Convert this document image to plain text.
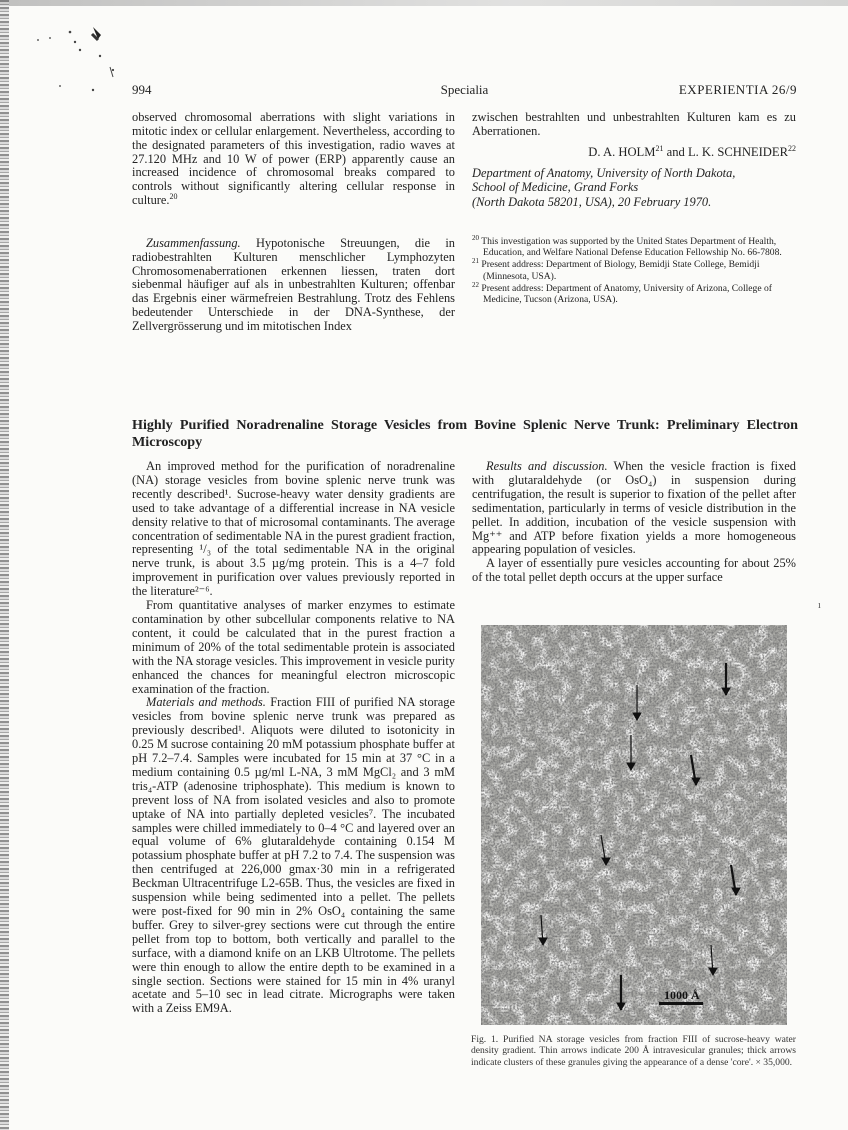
994	Specialia	EXPERIENTIA 26/9

observed chromosomal aberrations with slight variations in mitotic index or cellular enlargement. Nevertheless, according to the designated parameters of this investigation, radio waves at 27.120 MHz and 10 W of power (ERP) apparently cause an increased incidence of chromosomal breaks compared to controls without significantly altering cellular response in culture.$^{20}$

Zusammenfassung. Hypotonische Streuungen, die in radiobestrahlten Kulturen menschlicher Lymphozyten Chromosomenaberrationen erkennen liessen, traten dort siebenmal häufiger auf als in unbestrahlten Kulturen; offenbar das Ergebnis einer wärmefreien Bestrahlung. Trotz des Fehlens bedeutender Unterschiede in der DNA-Synthese, der Zellvergrösserung und im mitotischen Index

zwischen bestrahlten und unbestrahlten Kulturen kam es zu Aberrationen.

D. A. HOLM$^{21}$ and L. K. SCHNEIDER$^{22}$
Department of Anatomy, University of North Dakota,
School of Medicine, Grand Forks
(North Dakota 58201, USA), 20 February 1970.
$^{20}$ This investigation was supported by the United States Department of Health, Education, and Welfare National Defense Education Fellowship No. 66-7808.
$^{21}$ Present address: Department of Biology, Bemidji State College, Bemidji (Minnesota, USA).
$^{22}$ Present address: Department of Anatomy, University of Arizona, College of Medicine, Tucson (Arizona, USA).
Highly Purified Noradrenaline Storage Vesicles from Bovine Splenic Nerve Trunk: Preliminary Electron Microscopy

An improved method for the purification of noradrenaline (NA) storage vesicles from bovine splenic nerve trunk was recently described¹. Sucrose-heavy water density gradients are used to take advantage of a differential increase in NA vesicle density relative to that of microsomal contaminants. The average concentration of sedimentable NA in the purest gradient fraction, representing ¹/₃ of the total sedimentable NA in the original nerve trunk, is about 3.5 µg/mg protein. This is a 4–7 fold improvement in purification over values previously reported in the literature²⁻⁶.

From quantitative analyses of marker enzymes to estimate contamination by other subcellular components relative to NA content, it could be calculated that in the purest fraction a minimum of 20% of the total sedimentable protein is associated with the NA storage vesicles. This improvement in vesicle purity enhanced the chances for meaningful electron microscopic examination of the fraction.

Materials and methods. Fraction FIII of purified NA storage vesicles from bovine splenic nerve trunk was prepared as previously described¹. Aliquots were diluted to isotonicity in 0.25 M sucrose containing 20 mM potassium phosphate buffer at pH 7.2–7.4. Samples were incubated for 15 min at 37 °C in a medium containing 0.5 µg/ml L-NA, 3 mM MgCl₂ and 3 mM tris₄-ATP (adenosine triphosphate). This medium is known to prevent loss of NA from isolated vesicles and also to promote uptake of NA into partially depleted vesicles⁷. The incubated samples were chilled immediately to 0–4 °C and layered over an equal volume of 6% glutaraldehyde containing 0.154 M potassium phosphate buffer at pH 7.2 to 7.4. The suspension was then centrifuged at 226,000 gmax·30 min in a refrigerated Beckman Ultracentrifuge L2-65B. Thus, the vesicles are fixed in suspension while being sedimented into a pellet. The pellets were post-fixed for 90 min in 2% OsO₄ containing the same buffer. Grey to silver-grey sections were cut through the entire pellet from top to bottom, both vertically and parallel to the surface, with a diamond knife on an LKB Ultrotome. The pellets were thin enough to allow the entire depth to be examined in a single section. Sections were stained for 15 min in 4% uranyl acetate and 5–10 sec in lead citrate. Micrographs were taken with a Zeiss EM9A.

Results and discussion. When the vesicle fraction is fixed with glutaraldehyde (or OsO₄) in suspension during centrifugation, the result is superior to fixation of the pellet after sedimentation, particularly in terms of vesicle distribution in the pellet. In addition, incubation of the vesicle suspension with Mg⁺⁺ and ATP before fixation yields a more homogeneous appearing population of vesicles.

A layer of essentially pure vesicles accounting for about 25% of the total pellet depth occurs at the upper surface

1000 Å
Fig. 1. Purified NA storage vesicles from fraction FIII of sucrose-heavy water density gradient. Thin arrows indicate 200 Å intravesicular granules; thick arrows indicate clusters of these granules giving the appearance of a dense 'core'. × 35,000.
ı
